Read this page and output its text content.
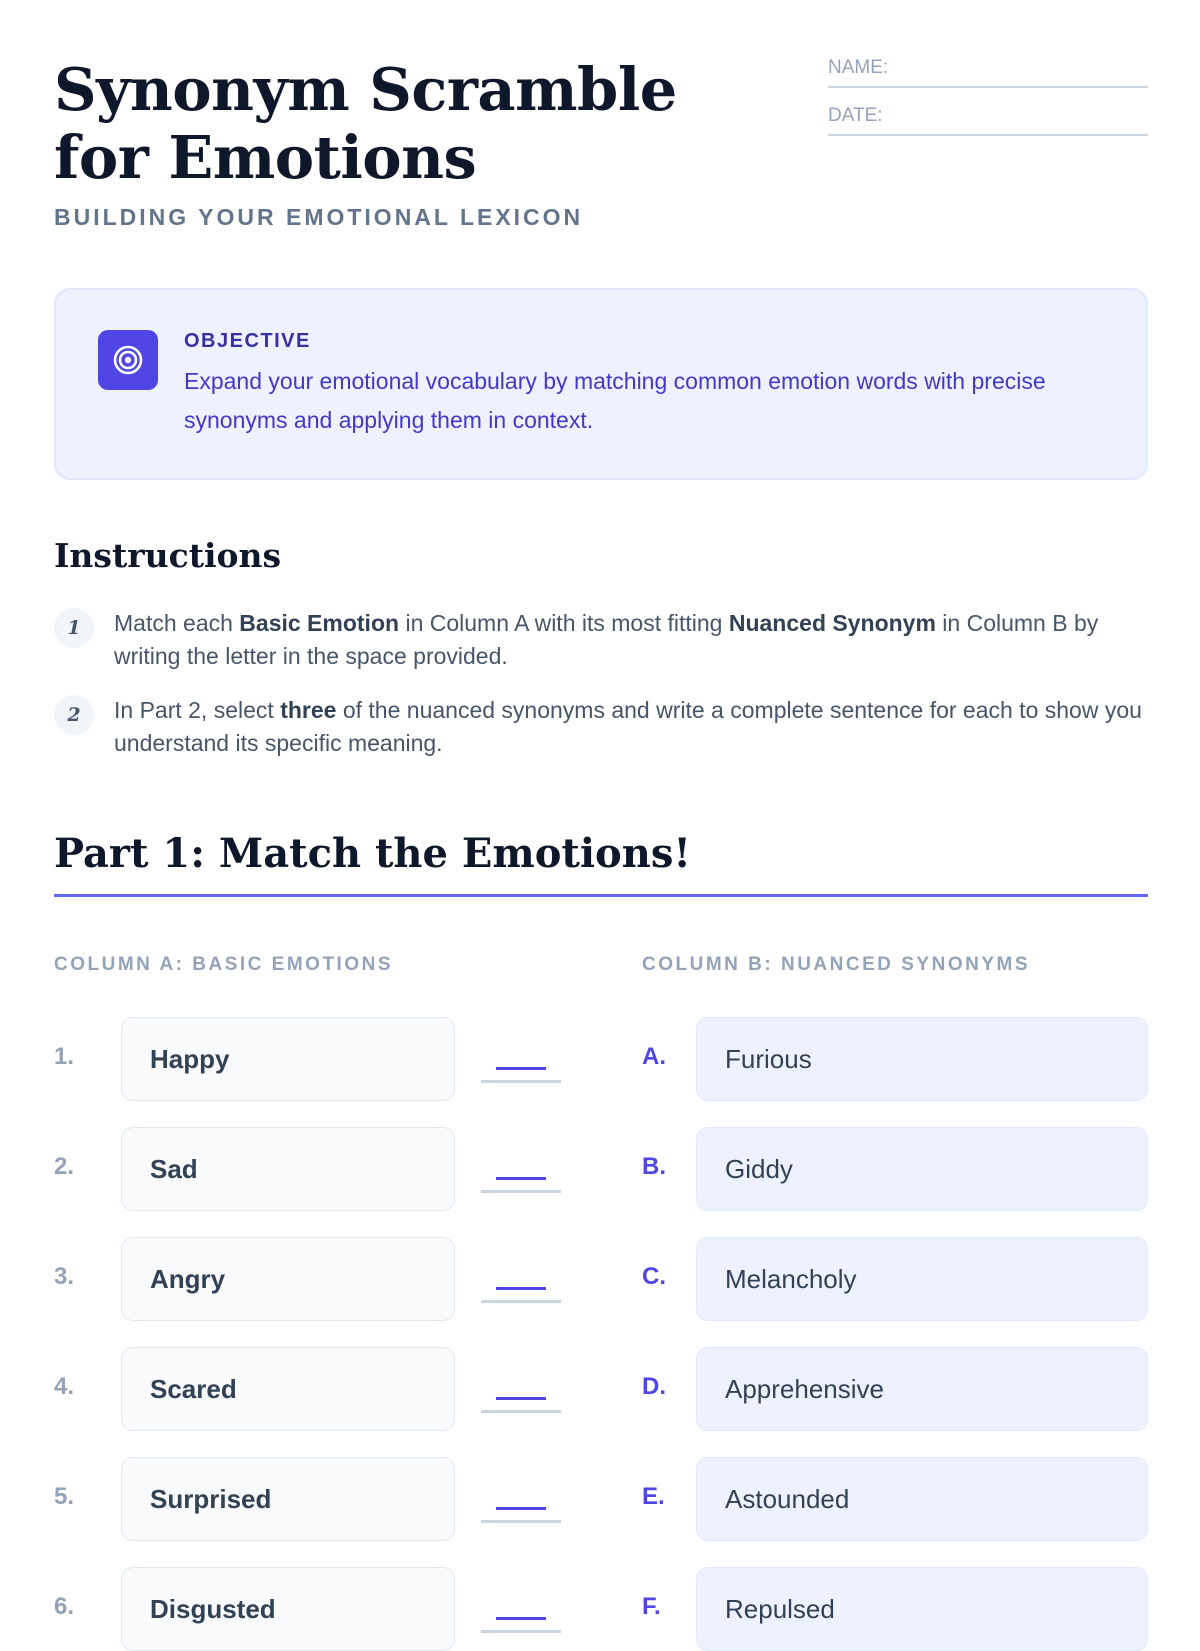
Synonym Scramble for Emotions
BUILDING YOUR EMOTIONAL LEXICON
NAME:
DATE:
OBJECTIVE
Expand your emotional vocabulary by matching common emotion words with precise synonyms and applying them in context.
Instructions
1	Match each Basic Emotion in Column A with its most fitting Nuanced Synonym in Column B by writing the letter in the space provided.
2	In Part 2, select three of the nuanced synonyms and write a complete sentence for each to show you understand its specific meaning.
Part 1: Match the Emotions!
COLUMN A: BASIC EMOTIONS	COLUMN B: NUANCED SYNONYMS
1.	Happy	A. Furious
2.	Sad	B. Giddy
3.	Angry	C. Melancholy
4.	Scared	D. Apprehensive
5.	Surprised	E. Astounded
6.	Disgusted	F. Repulsed
